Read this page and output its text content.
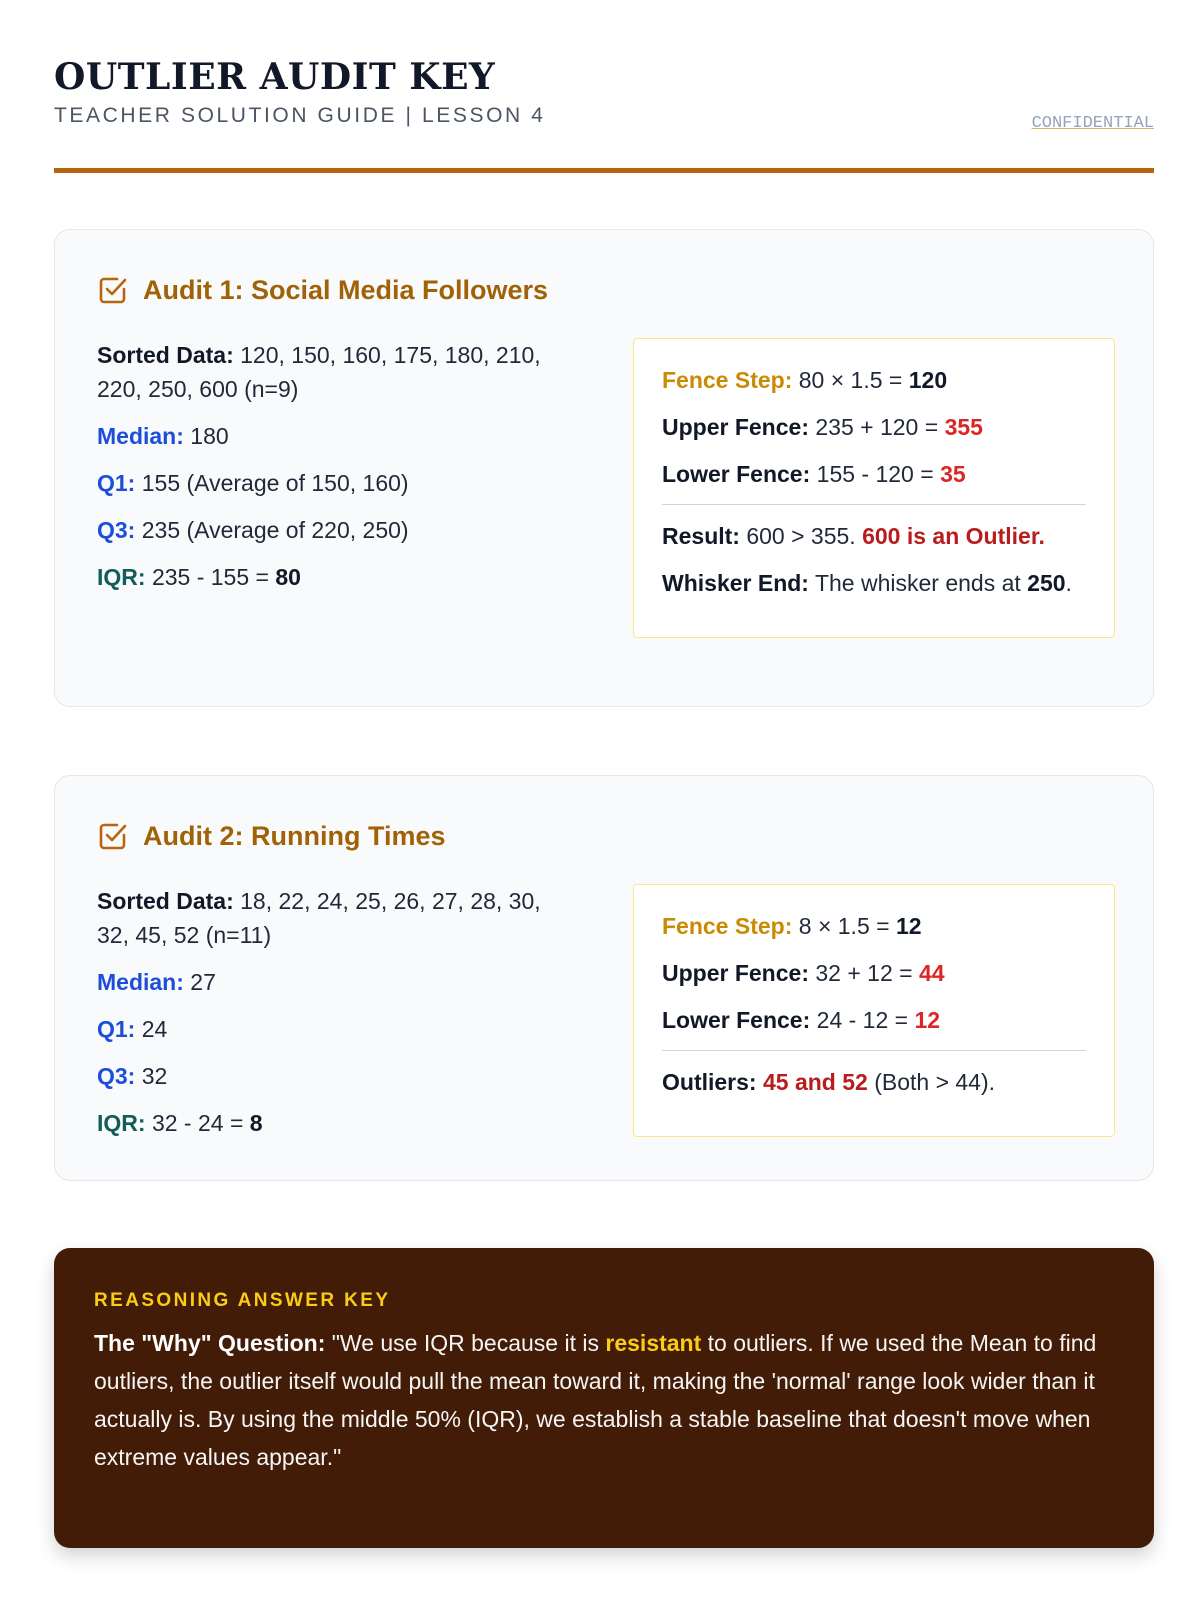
OUTLIER AUDIT KEY
TEACHER SOLUTION GUIDE | LESSON 4	CONFIDENTIAL
Audit 1: Social Media Followers
Sorted Data: 120, 150, 160, 175, 180, 210, 220, 250, 600 (n=9)
Median: 180
Q1: 155 (Average of 150, 160)
Q3: 235 (Average of 220, 250)
IQR: 235 - 155 = 80
Fence Step: 80 × 1.5 = 120
Upper Fence: 235 + 120 = 355
Lower Fence: 155 - 120 = 35
Result: 600 > 355. 600 is an Outlier.
Whisker End: The whisker ends at 250.
Audit 2: Running Times
Sorted Data: 18, 22, 24, 25, 26, 27, 28, 30, 32, 45, 52 (n=11)
Median: 27
Q1: 24
Q3: 32
IQR: 32 - 24 = 8
Fence Step: 8 × 1.5 = 12
Upper Fence: 32 + 12 = 44
Lower Fence: 24 - 12 = 12
Outliers: 45 and 52 (Both > 44).
REASONING ANSWER KEY
The "Why" Question: "We use IQR because it is resistant to outliers. If we used the Mean to find outliers, the outlier itself would pull the mean toward it, making the 'normal' range look wider than it actually is. By using the middle 50% (IQR), we establish a stable baseline that doesn't move when extreme values appear."
